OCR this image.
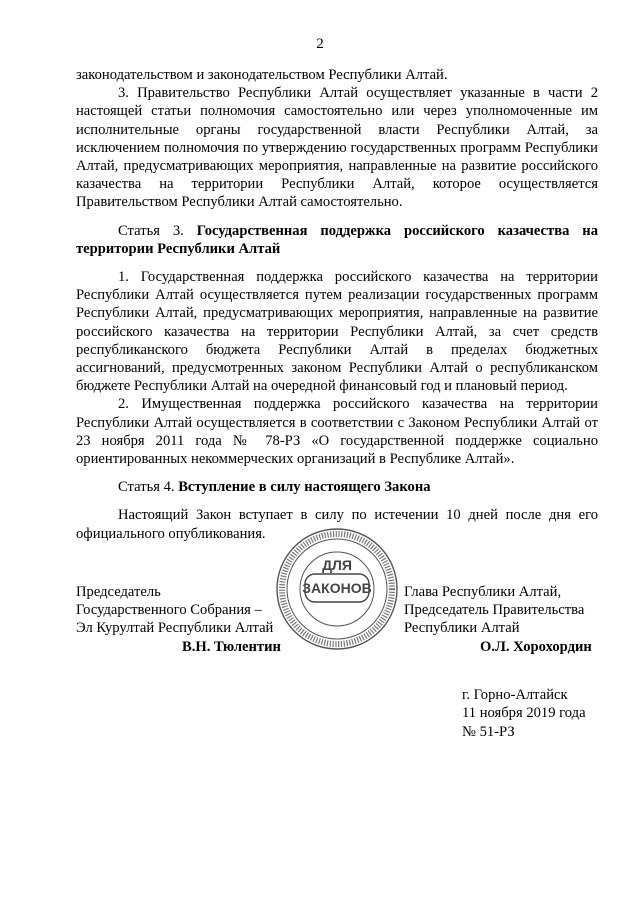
2

законодательством и законодательством Республики Алтай.

3. Правительство Республики Алтай осуществляет указанные в части 2 настоящей статьи полномочия самостоятельно или через уполномоченные им исполнительные органы государственной власти Республики Алтай, за исключением полномочия по утверждению государственных программ Республики Алтай, предусматривающих мероприятия, направленные на развитие российского казачества на территории Республики Алтай, которое осуществляется Правительством Республики Алтай самостоятельно.

Статья 3. Государственная поддержка российского казачества на территории Республики Алтай

1. Государственная поддержка российского казачества на территории Республики Алтай осуществляется путем реализации государственных программ Республики Алтай, предусматривающих мероприятия, направленные на развитие российского казачества на территории Республики Алтай, за счет средств республиканского бюджета Республики Алтай в пределах бюджетных ассигнований, предусмотренных законом Республики Алтай о республиканском бюджете Республики Алтай на очередной финансовый год и плановый период.

2. Имущественная поддержка российского казачества на территории Республики Алтай осуществляется в соответствии с Законом Республики Алтай от 23 ноября 2011 года № 78-РЗ «О государственной поддержке социально ориентированных некоммерческих организаций в Республике Алтай».

Статья 4. Вступление в силу настоящего Закона

Настоящий Закон вступает в силу по истечении 10 дней после дня его официального опубликования.

ДЛЯ
ЗАКОНОВ
Председатель
Государственного Собрания –
Эл Курултай Республики Алтай
В.Н. Тюлентин
Глава Республики Алтай,
Председатель Правительства
Республики Алтай
О.Л. Хорохордин
г. Горно-Алтайск
11 ноября 2019 года
№ 51-РЗ
